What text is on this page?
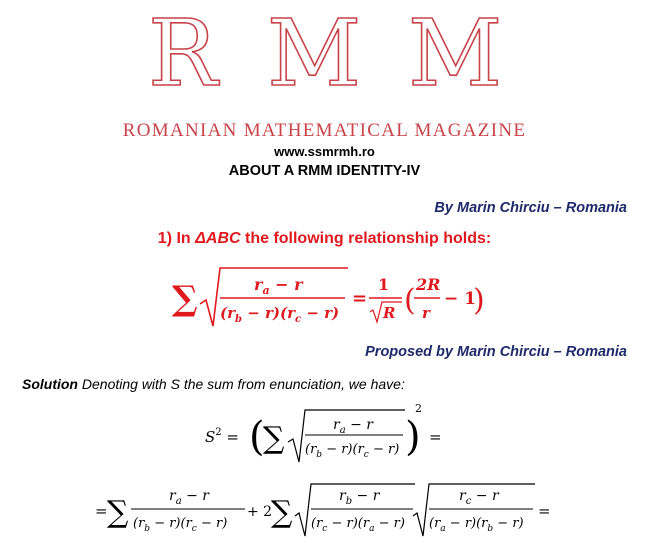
R M M
ROMANIAN MATHEMATICAL MAGAZINE
www.ssmrmh.ro
ABOUT A RMM IDENTITY-IV
By Marin Chirciu – Romania
1) In ΔABC the following relationship holds:
∑	$r_a - r$
$(r_b - r)(r_c - r)$
=
1
R ( 2R
r
− 1
)
Proposed by Marin Chirciu – Romania
Solution Denoting with S the sum from enunciation, we have:
$S^2$ = (
∑	$r_a - r$
$(r_b - r)(r_c - r)$ )
2
=
= ∑	$r_a - r$
$(r_b - r)(r_c - r)$
+ 2
∑	$r_b - r$
$(r_c - r)(r_a - r)$
$r_c - r$
$(r_a - r)(r_b - r)$
=
